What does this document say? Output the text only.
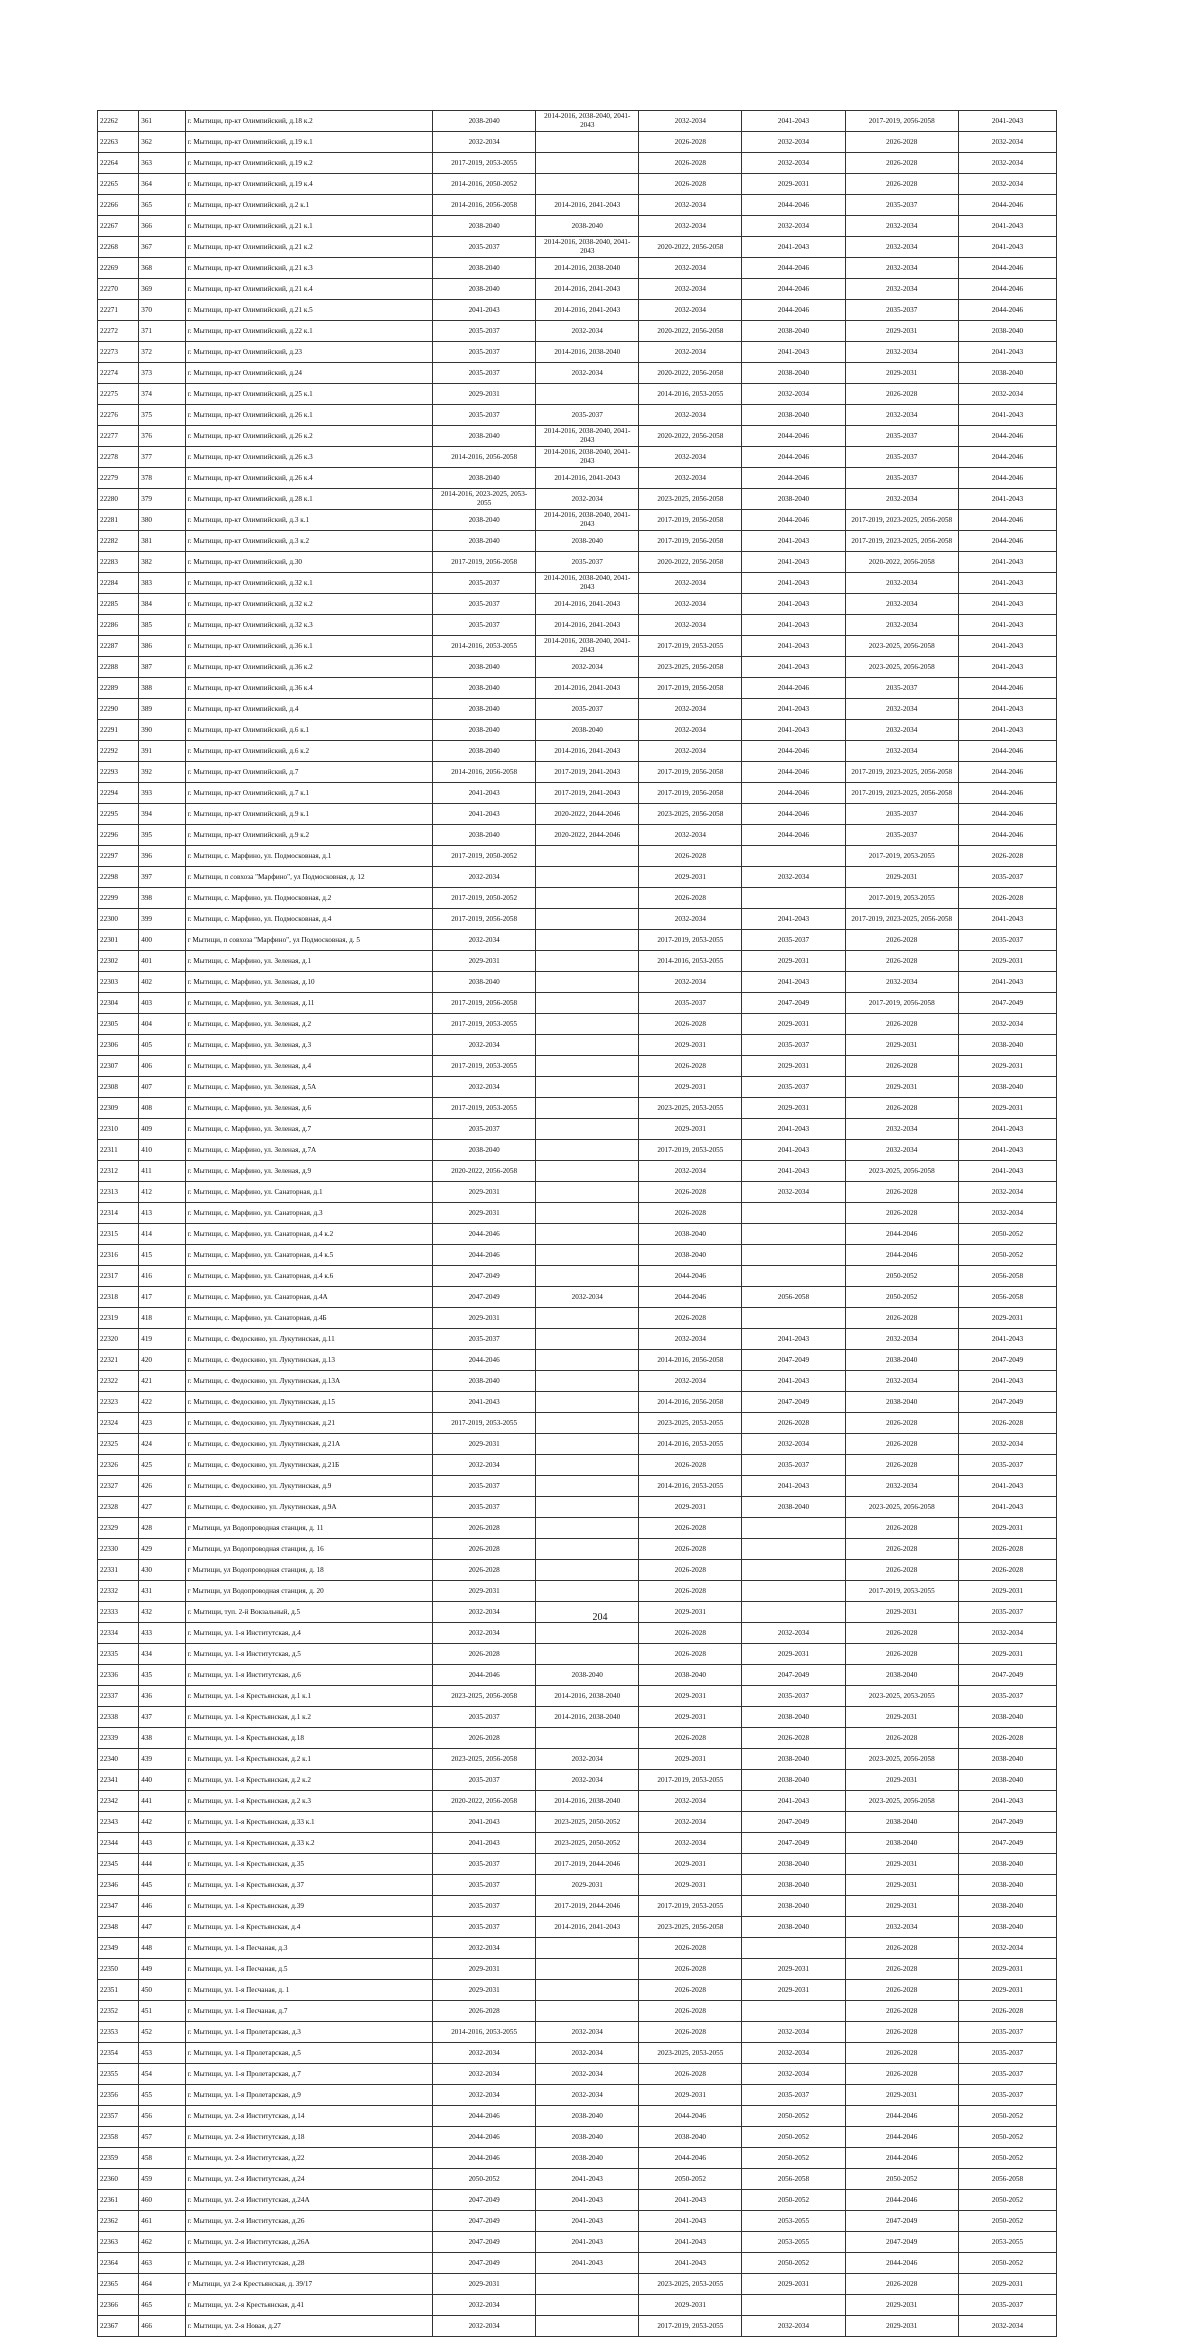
22262	361	г. Мытищи, пр-кт Олимпийский, д.18 к.2	2038-2040	2014-2016, 2038-2040, 2041-2043	2032-2034	2041-2043	2017-2019, 2056-2058	2041-2043
22263	362	г. Мытищи, пр-кт Олимпийский, д.19 к.1	2032-2034		2026-2028	2032-2034	2026-2028	2032-2034
22264	363	г. Мытищи, пр-кт Олимпийский, д.19 к.2	2017-2019, 2053-2055		2026-2028	2032-2034	2026-2028	2032-2034
22265	364	г. Мытищи, пр-кт Олимпийский, д.19 к.4	2014-2016, 2050-2052		2026-2028	2029-2031	2026-2028	2032-2034
22266	365	г. Мытищи, пр-кт Олимпийский, д.2 к.1	2014-2016, 2056-2058	2014-2016, 2041-2043	2032-2034	2044-2046	2035-2037	2044-2046
22267	366	г. Мытищи, пр-кт Олимпийский, д.21 к.1	2038-2040	2038-2040	2032-2034	2032-2034	2032-2034	2041-2043
22268	367	г. Мытищи, пр-кт Олимпийский, д.21 к.2	2035-2037	2014-2016, 2038-2040, 2041-2043	2020-2022, 2056-2058	2041-2043	2032-2034	2041-2043
22269	368	г. Мытищи, пр-кт Олимпийский, д.21 к.3	2038-2040	2014-2016, 2038-2040	2032-2034	2044-2046	2032-2034	2044-2046
22270	369	г. Мытищи, пр-кт Олимпийский, д.21 к.4	2038-2040	2014-2016, 2041-2043	2032-2034	2044-2046	2032-2034	2044-2046
22271	370	г. Мытищи, пр-кт Олимпийский, д.21 к.5	2041-2043	2014-2016, 2041-2043	2032-2034	2044-2046	2035-2037	2044-2046
22272	371	г. Мытищи, пр-кт Олимпийский, д.22 к.1	2035-2037	2032-2034	2020-2022, 2056-2058	2038-2040	2029-2031	2038-2040
22273	372	г. Мытищи, пр-кт Олимпийский, д.23	2035-2037	2014-2016, 2038-2040	2032-2034	2041-2043	2032-2034	2041-2043
22274	373	г. Мытищи, пр-кт Олимпийский, д.24	2035-2037	2032-2034	2020-2022, 2056-2058	2038-2040	2029-2031	2038-2040
22275	374	г. Мытищи, пр-кт Олимпийский, д.25 к.1	2029-2031		2014-2016, 2053-2055	2032-2034	2026-2028	2032-2034
22276	375	г. Мытищи, пр-кт Олимпийский, д.26 к.1	2035-2037	2035-2037	2032-2034	2038-2040	2032-2034	2041-2043
22277	376	г. Мытищи, пр-кт Олимпийский, д.26 к.2	2038-2040	2014-2016, 2038-2040, 2041-2043	2020-2022, 2056-2058	2044-2046	2035-2037	2044-2046
22278	377	г. Мытищи, пр-кт Олимпийский, д.26 к.3	2014-2016, 2056-2058	2014-2016, 2038-2040, 2041-2043	2032-2034	2044-2046	2035-2037	2044-2046
22279	378	г. Мытищи, пр-кт Олимпийский, д.26 к.4	2038-2040	2014-2016, 2041-2043	2032-2034	2044-2046	2035-2037	2044-2046
22280	379	г. Мытищи, пр-кт Олимпийский, д.28 к.1	2014-2016, 2023-2025, 2053-2055	2032-2034	2023-2025, 2056-2058	2038-2040	2032-2034	2041-2043
22281	380	г. Мытищи, пр-кт Олимпийский, д.3 к.1	2038-2040	2014-2016, 2038-2040, 2041-2043	2017-2019, 2056-2058	2044-2046	2017-2019, 2023-2025, 2056-2058	2044-2046
22282	381	г. Мытищи, пр-кт Олимпийский, д.3 к.2	2038-2040	2038-2040	2017-2019, 2056-2058	2041-2043	2017-2019, 2023-2025, 2056-2058	2044-2046
22283	382	г. Мытищи, пр-кт Олимпийский, д.30	2017-2019, 2056-2058	2035-2037	2020-2022, 2056-2058	2041-2043	2020-2022, 2056-2058	2041-2043
22284	383	г. Мытищи, пр-кт Олимпийский, д.32 к.1	2035-2037	2014-2016, 2038-2040, 2041-2043	2032-2034	2041-2043	2032-2034	2041-2043
22285	384	г. Мытищи, пр-кт Олимпийский, д.32 к.2	2035-2037	2014-2016, 2041-2043	2032-2034	2041-2043	2032-2034	2041-2043
22286	385	г. Мытищи, пр-кт Олимпийский, д.32 к.3	2035-2037	2014-2016, 2041-2043	2032-2034	2041-2043	2032-2034	2041-2043
22287	386	г. Мытищи, пр-кт Олимпийский, д.36 к.1	2014-2016, 2053-2055	2014-2016, 2038-2040, 2041-2043	2017-2019, 2053-2055	2041-2043	2023-2025, 2056-2058	2041-2043
22288	387	г. Мытищи, пр-кт Олимпийский, д.36 к.2	2038-2040	2032-2034	2023-2025, 2056-2058	2041-2043	2023-2025, 2056-2058	2041-2043
22289	388	г. Мытищи, пр-кт Олимпийский, д.36 к.4	2038-2040	2014-2016, 2041-2043	2017-2019, 2056-2058	2044-2046	2035-2037	2044-2046
22290	389	г. Мытищи, пр-кт Олимпийский, д.4	2038-2040	2035-2037	2032-2034	2041-2043	2032-2034	2041-2043
22291	390	г. Мытищи, пр-кт Олимпийский, д.6 к.1	2038-2040	2038-2040	2032-2034	2041-2043	2032-2034	2041-2043
22292	391	г. Мытищи, пр-кт Олимпийский, д.6 к.2	2038-2040	2014-2016, 2041-2043	2032-2034	2044-2046	2032-2034	2044-2046
22293	392	г. Мытищи, пр-кт Олимпийский, д.7	2014-2016, 2056-2058	2017-2019, 2041-2043	2017-2019, 2056-2058	2044-2046	2017-2019, 2023-2025, 2056-2058	2044-2046
22294	393	г. Мытищи, пр-кт Олимпийский, д.7 к.1	2041-2043	2017-2019, 2041-2043	2017-2019, 2056-2058	2044-2046	2017-2019, 2023-2025, 2056-2058	2044-2046
22295	394	г. Мытищи, пр-кт Олимпийский, д.9 к.1	2041-2043	2020-2022, 2044-2046	2023-2025, 2056-2058	2044-2046	2035-2037	2044-2046
22296	395	г. Мытищи, пр-кт Олимпийский, д.9 к.2	2038-2040	2020-2022, 2044-2046	2032-2034	2044-2046	2035-2037	2044-2046
22297	396	г. Мытищи, с. Марфино, ул. Подмосковная, д.1	2017-2019, 2050-2052		2026-2028		2017-2019, 2053-2055	2026-2028
22298	397	г. Мытищи, п совхоза "Марфино", ул Подмосковная, д. 12	2032-2034		2029-2031	2032-2034	2029-2031	2035-2037
22299	398	г. Мытищи, с. Марфино, ул. Подмосковная, д.2	2017-2019, 2050-2052		2026-2028		2017-2019, 2053-2055	2026-2028
22300	399	г. Мытищи, с. Марфино, ул. Подмосковная, д.4	2017-2019, 2056-2058		2032-2034	2041-2043	2017-2019, 2023-2025, 2056-2058	2041-2043
22301	400	г Мытищи, п совхоза "Марфино", ул Подмосковная, д. 5	2032-2034		2017-2019, 2053-2055	2035-2037	2026-2028	2035-2037
22302	401	г. Мытищи, с. Марфино, ул. Зеленая, д.1	2029-2031		2014-2016, 2053-2055	2029-2031	2026-2028	2029-2031
22303	402	г. Мытищи, с. Марфино, ул. Зеленая, д.10	2038-2040		2032-2034	2041-2043	2032-2034	2041-2043
22304	403	г. Мытищи, с. Марфино, ул. Зеленая, д.11	2017-2019, 2056-2058		2035-2037	2047-2049	2017-2019, 2056-2058	2047-2049
22305	404	г. Мытищи, с. Марфино, ул. Зеленая, д.2	2017-2019, 2053-2055		2026-2028	2029-2031	2026-2028	2032-2034
22306	405	г. Мытищи, с. Марфино, ул. Зеленая, д.3	2032-2034		2029-2031	2035-2037	2029-2031	2038-2040
22307	406	г. Мытищи, с. Марфино, ул. Зеленая, д.4	2017-2019, 2053-2055		2026-2028	2029-2031	2026-2028	2029-2031
22308	407	г. Мытищи, с. Марфино, ул. Зеленая, д.5А	2032-2034		2029-2031	2035-2037	2029-2031	2038-2040
22309	408	г. Мытищи, с. Марфино, ул. Зеленая, д.6	2017-2019, 2053-2055		2023-2025, 2053-2055	2029-2031	2026-2028	2029-2031
22310	409	г. Мытищи, с. Марфино, ул. Зеленая, д.7	2035-2037		2029-2031	2041-2043	2032-2034	2041-2043
22311	410	г. Мытищи, с. Марфино, ул. Зеленая, д.7А	2038-2040		2017-2019, 2053-2055	2041-2043	2032-2034	2041-2043
22312	411	г. Мытищи, с. Марфино, ул. Зеленая, д.9	2020-2022, 2056-2058		2032-2034	2041-2043	2023-2025, 2056-2058	2041-2043
22313	412	г. Мытищи, с. Марфино, ул. Санаторная, д.1	2029-2031		2026-2028	2032-2034	2026-2028	2032-2034
22314	413	г. Мытищи, с. Марфино, ул. Санаторная, д.3	2029-2031		2026-2028		2026-2028	2032-2034
22315	414	г. Мытищи, с. Марфино, ул. Санаторная, д.4 к.2	2044-2046		2038-2040		2044-2046	2050-2052
22316	415	г. Мытищи, с. Марфино, ул. Санаторная, д.4 к.5	2044-2046		2038-2040		2044-2046	2050-2052
22317	416	г. Мытищи, с. Марфино, ул. Санаторная, д.4 к.6	2047-2049		2044-2046		2050-2052	2056-2058
22318	417	г. Мытищи, с. Марфино, ул. Санаторная, д.4А	2047-2049	2032-2034	2044-2046	2056-2058	2050-2052	2056-2058
22319	418	г. Мытищи, с. Марфино, ул. Санаторная, д.4Б	2029-2031		2026-2028		2026-2028	2029-2031
22320	419	г. Мытищи, с. Федоскино, ул. Лукутинская, д.11	2035-2037		2032-2034	2041-2043	2032-2034	2041-2043
22321	420	г. Мытищи, с. Федоскино, ул. Лукутинская, д.13	2044-2046		2014-2016, 2056-2058	2047-2049	2038-2040	2047-2049
22322	421	г. Мытищи, с. Федоскино, ул. Лукутинская, д.13А	2038-2040		2032-2034	2041-2043	2032-2034	2041-2043
22323	422	г. Мытищи, с. Федоскино, ул. Лукутинская, д.15	2041-2043		2014-2016, 2056-2058	2047-2049	2038-2040	2047-2049
22324	423	г. Мытищи, с. Федоскино, ул. Лукутинская, д.21	2017-2019, 2053-2055		2023-2025, 2053-2055	2026-2028	2026-2028	2026-2028
22325	424	г. Мытищи, с. Федоскино, ул. Лукутинская, д.21А	2029-2031		2014-2016, 2053-2055	2032-2034	2026-2028	2032-2034
22326	425	г. Мытищи, с. Федоскино, ул. Лукутинская, д.21Б	2032-2034		2026-2028	2035-2037	2026-2028	2035-2037
22327	426	г. Мытищи, с. Федоскино, ул. Лукутинская, д.9	2035-2037		2014-2016, 2053-2055	2041-2043	2032-2034	2041-2043
22328	427	г. Мытищи, с. Федоскино, ул. Лукутинская, д.9А	2035-2037		2029-2031	2038-2040	2023-2025, 2056-2058	2041-2043
22329	428	г Мытищи, ул Водопроводная станция, д. 11	2026-2028		2026-2028		2026-2028	2029-2031
22330	429	г Мытищи, ул Водопроводная станция, д. 16	2026-2028		2026-2028		2026-2028	2026-2028
22331	430	г Мытищи, ул Водопроводная станция, д. 18	2026-2028		2026-2028		2026-2028	2026-2028
22332	431	г Мытищи, ул Водопроводная станция, д. 20	2029-2031		2026-2028		2017-2019, 2053-2055	2029-2031
22333	432	г. Мытищи, туп. 2-й Вокзальный, д.5	2032-2034		2029-2031		2029-2031	2035-2037
22334	433	г. Мытищи, ул. 1-я Институтская, д.4	2032-2034		2026-2028	2032-2034	2026-2028	2032-2034
22335	434	г. Мытищи, ул. 1-я Институтская, д.5	2026-2028		2026-2028	2029-2031	2026-2028	2029-2031
22336	435	г. Мытищи, ул. 1-я Институтская, д.6	2044-2046	2038-2040	2038-2040	2047-2049	2038-2040	2047-2049
22337	436	г. Мытищи, ул. 1-я Крестьянская, д.1 к.1	2023-2025, 2056-2058	2014-2016, 2038-2040	2029-2031	2035-2037	2023-2025, 2053-2055	2035-2037
22338	437	г. Мытищи, ул. 1-я Крестьянская, д.1 к.2	2035-2037	2014-2016, 2038-2040	2029-2031	2038-2040	2029-2031	2038-2040
22339	438	г. Мытищи, ул. 1-я Крестьянская, д.18	2026-2028		2026-2028	2026-2028	2026-2028	2026-2028
22340	439	г. Мытищи, ул. 1-я Крестьянская, д.2 к.1	2023-2025, 2056-2058	2032-2034	2029-2031	2038-2040	2023-2025, 2056-2058	2038-2040
22341	440	г. Мытищи, ул. 1-я Крестьянская, д.2 к.2	2035-2037	2032-2034	2017-2019, 2053-2055	2038-2040	2029-2031	2038-2040
22342	441	г. Мытищи, ул. 1-я Крестьянская, д.2 к.3	2020-2022, 2056-2058	2014-2016, 2038-2040	2032-2034	2041-2043	2023-2025, 2056-2058	2041-2043
22343	442	г. Мытищи, ул. 1-я Крестьянская, д.33 к.1	2041-2043	2023-2025, 2050-2052	2032-2034	2047-2049	2038-2040	2047-2049
22344	443	г. Мытищи, ул. 1-я Крестьянская, д.33 к.2	2041-2043	2023-2025, 2050-2052	2032-2034	2047-2049	2038-2040	2047-2049
22345	444	г. Мытищи, ул. 1-я Крестьянская, д.35	2035-2037	2017-2019, 2044-2046	2029-2031	2038-2040	2029-2031	2038-2040
22346	445	г. Мытищи, ул. 1-я Крестьянская, д.37	2035-2037	2029-2031	2029-2031	2038-2040	2029-2031	2038-2040
22347	446	г. Мытищи, ул. 1-я Крестьянская, д.39	2035-2037	2017-2019, 2044-2046	2017-2019, 2053-2055	2038-2040	2029-2031	2038-2040
22348	447	г. Мытищи, ул. 1-я Крестьянская, д.4	2035-2037	2014-2016, 2041-2043	2023-2025, 2056-2058	2038-2040	2032-2034	2038-2040
22349	448	г. Мытищи, ул. 1-я Песчаная, д.3	2032-2034		2026-2028		2026-2028	2032-2034
22350	449	г. Мытищи, ул. 1-я Песчаная, д.5	2029-2031		2026-2028	2029-2031	2026-2028	2029-2031
22351	450	г. Мытищи, ул. 1-я Песчаная, д. 1	2029-2031		2026-2028	2029-2031	2026-2028	2029-2031
22352	451	г. Мытищи, ул. 1-я Песчаная, д.7	2026-2028		2026-2028		2026-2028	2026-2028
22353	452	г. Мытищи, ул. 1-я Пролетарская, д.3	2014-2016, 2053-2055	2032-2034	2026-2028	2032-2034	2026-2028	2035-2037
22354	453	г. Мытищи, ул. 1-я Пролетарская, д.5	2032-2034	2032-2034	2023-2025, 2053-2055	2032-2034	2026-2028	2035-2037
22355	454	г. Мытищи, ул. 1-я Пролетарская, д.7	2032-2034	2032-2034	2026-2028	2032-2034	2026-2028	2035-2037
22356	455	г. Мытищи, ул. 1-я Пролетарская, д.9	2032-2034	2032-2034	2029-2031	2035-2037	2029-2031	2035-2037
22357	456	г. Мытищи, ул. 2-я Институтская, д.14	2044-2046	2038-2040	2044-2046	2050-2052	2044-2046	2050-2052
22358	457	г. Мытищи, ул. 2-я Институтская, д.18	2044-2046	2038-2040	2038-2040	2050-2052	2044-2046	2050-2052
22359	458	г. Мытищи, ул. 2-я Институтская, д.22	2044-2046	2038-2040	2044-2046	2050-2052	2044-2046	2050-2052
22360	459	г. Мытищи, ул. 2-я Институтская, д.24	2050-2052	2041-2043	2050-2052	2056-2058	2050-2052	2056-2058
22361	460	г. Мытищи, ул. 2-я Институтская, д.24А	2047-2049	2041-2043	2041-2043	2050-2052	2044-2046	2050-2052
22362	461	г. Мытищи, ул. 2-я Институтская, д.26	2047-2049	2041-2043	2041-2043	2053-2055	2047-2049	2050-2052
22363	462	г. Мытищи, ул. 2-я Институтская, д.26А	2047-2049	2041-2043	2041-2043	2053-2055	2047-2049	2053-2055
22364	463	г. Мытищи, ул. 2-я Институтская, д.28	2047-2049	2041-2043	2041-2043	2050-2052	2044-2046	2050-2052
22365	464	г Мытищи, ул 2-я Крестьянская, д. 39/17	2029-2031		2023-2025, 2053-2055	2029-2031	2026-2028	2029-2031
22366	465	г. Мытищи, ул. 2-я Крестьянская, д.41	2032-2034		2029-2031		2029-2031	2035-2037
22367	466	г. Мытищи, ул. 2-я Новая, д.27	2032-2034		2017-2019, 2053-2055	2032-2034	2029-2031	2032-2034
204
